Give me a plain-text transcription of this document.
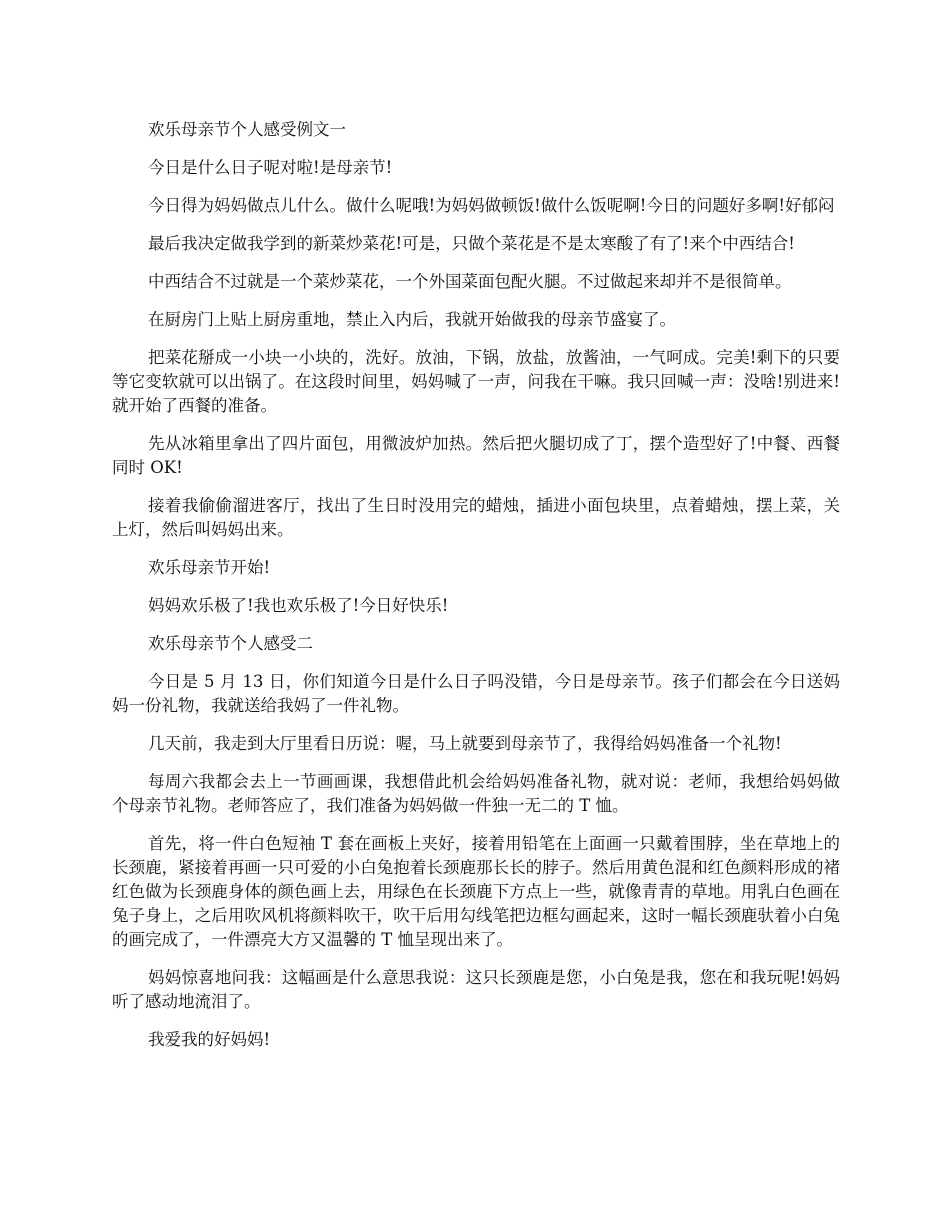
欢乐母亲节个人感受例文一

今日是什么日子呢对啦!是母亲节!

今日得为妈妈做点儿什么。做什么呢哦!为妈妈做顿饭!做什么饭呢啊!今日的问题好多啊!好郁闷

最后我决定做我学到的新菜炒菜花!可是，只做个菜花是不是太寒酸了有了!来个中西结合!

中西结合不过就是一个菜炒菜花，一个外国菜面包配火腿。不过做起来却并不是很简单。

在厨房门上贴上厨房重地，禁止入内后，我就开始做我的母亲节盛宴了。

把菜花掰成一小块一小块的，洗好。放油，下锅，放盐，放酱油，一气呵成。完美!剩下的只要等它变软就可以出锅了。在这段时间里，妈妈喊了一声，问我在干嘛。我只回喊一声：没啥!别进来!就开始了西餐的准备。

先从冰箱里拿出了四片面包，用微波炉加热。然后把火腿切成了丁，摆个造型好了!中餐、西餐同时 OK!

接着我偷偷溜进客厅，找出了生日时没用完的蜡烛，插进小面包块里，点着蜡烛，摆上菜，关上灯，然后叫妈妈出来。

欢乐母亲节开始!

妈妈欢乐极了!我也欢乐极了!今日好快乐!

欢乐母亲节个人感受二

今日是 5 月 13 日，你们知道今日是什么日子吗没错，今日是母亲节。孩子们都会在今日送妈妈一份礼物，我就送给我妈了一件礼物。

几天前，我走到大厅里看日历说：喔，马上就要到母亲节了，我得给妈妈准备一个礼物!

每周六我都会去上一节画画课，我想借此机会给妈妈准备礼物，就对说：老师，我想给妈妈做个母亲节礼物。老师答应了，我们准备为妈妈做一件独一无二的 T 恤。

首先，将一件白色短袖 T 套在画板上夹好，接着用铅笔在上面画一只戴着围脖，坐在草地上的长颈鹿，紧接着再画一只可爱的小白兔抱着长颈鹿那长长的脖子。然后用黄色混和红色颜料形成的褚红色做为长颈鹿身体的颜色画上去，用绿色在长颈鹿下方点上一些，就像青青的草地。用乳白色画在兔子身上，之后用吹风机将颜料吹干，吹干后用勾线笔把边框勾画起来，这时一幅长颈鹿驮着小白兔的画完成了，一件漂亮大方又温馨的 T 恤呈现出来了。

妈妈惊喜地问我：这幅画是什么意思我说：这只长颈鹿是您，小白兔是我，您在和我玩呢!妈妈听了感动地流泪了。

我爱我的好妈妈!
